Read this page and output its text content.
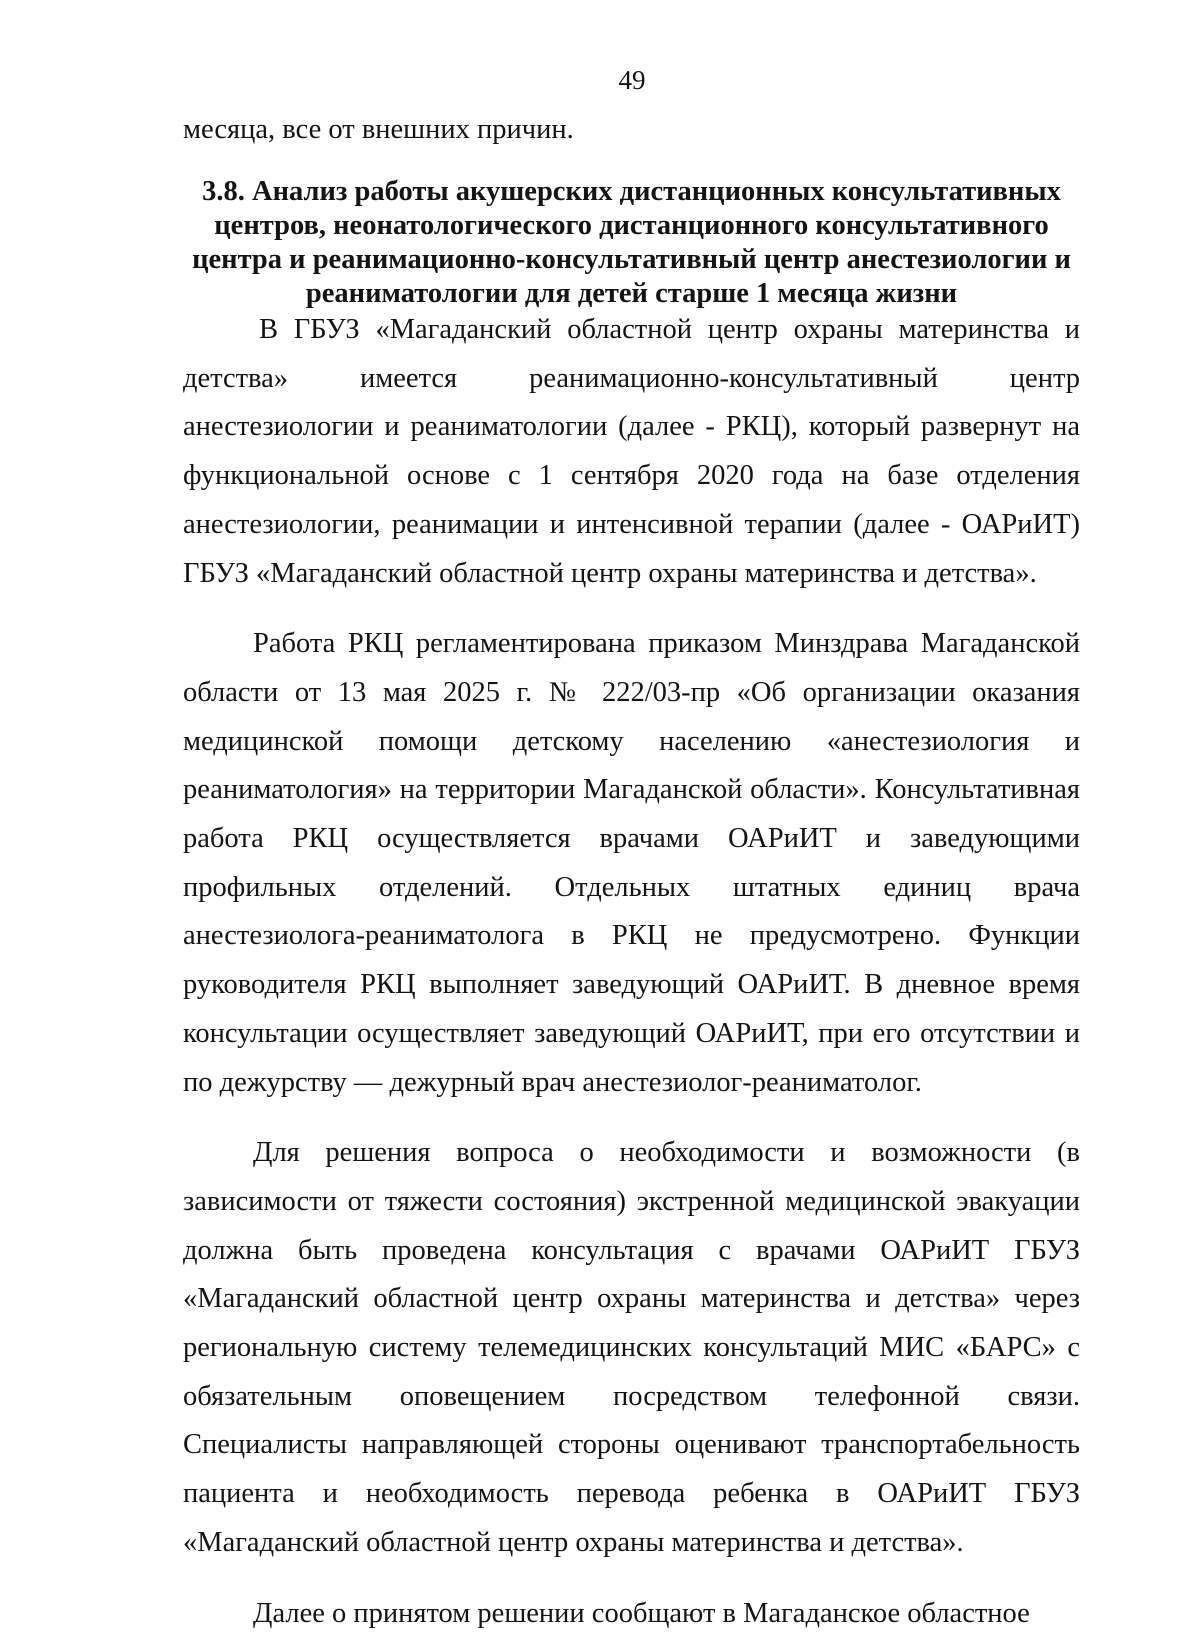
49
месяца, все от внешних причин.
3.8. Анализ работы акушерских дистанционных консультативных центров, неонатологического дистанционного консультативного центра и реанимационно-консультативный центр анестезиологии и реаниматологии для детей старше 1 месяца жизни

В ГБУЗ «Магаданский областной центр охраны материнства и детства» имеется реанимационно-консультативный центр анестезиологии и реаниматологии (далее - РКЦ), который развернут на функциональной основе с 1 сентября 2020 года на базе отделения анестезиологии, реанимации и интенсивной терапии (далее - ОАРиИТ) ГБУЗ «Магаданский областной центр охраны материнства и детства».

Работа РКЦ регламентирована приказом Минздрава Магаданской области от 13 мая 2025 г. № 222/03-пр «Об организации оказания медицинской помощи детскому населению «анестезиология и реаниматология» на территории Магаданской области». Консультативная работа РКЦ осуществляется врачами ОАРиИТ и заведующими профильных отделений. Отдельных штатных единиц врача анестезиолога-реаниматолога в РКЦ не предусмотрено. Функции руководителя РКЦ выполняет заведующий ОАРиИТ. В дневное время консультации осуществляет заведующий ОАРиИТ, при его отсутствии и по дежурству — дежурный врач анестезиолог-реаниматолог.

Для решения вопроса о необходимости и возможности (в зависимости от тяжести состояния) экстренной медицинской эвакуации должна быть проведена консультация с врачами ОАРиИТ ГБУЗ «Магаданский областной центр охраны материнства и детства» через региональную систему телемедицинских консультаций МИС «БАРС» с обязательным оповещением посредством телефонной связи. Специалисты направляющей стороны оценивают транспортабельность пациента и необходимость перевода ребенка в ОАРиИТ ГБУЗ «Магаданский областной центр охраны материнства и детства».

Далее о принятом решении сообщают в Магаданское областное
